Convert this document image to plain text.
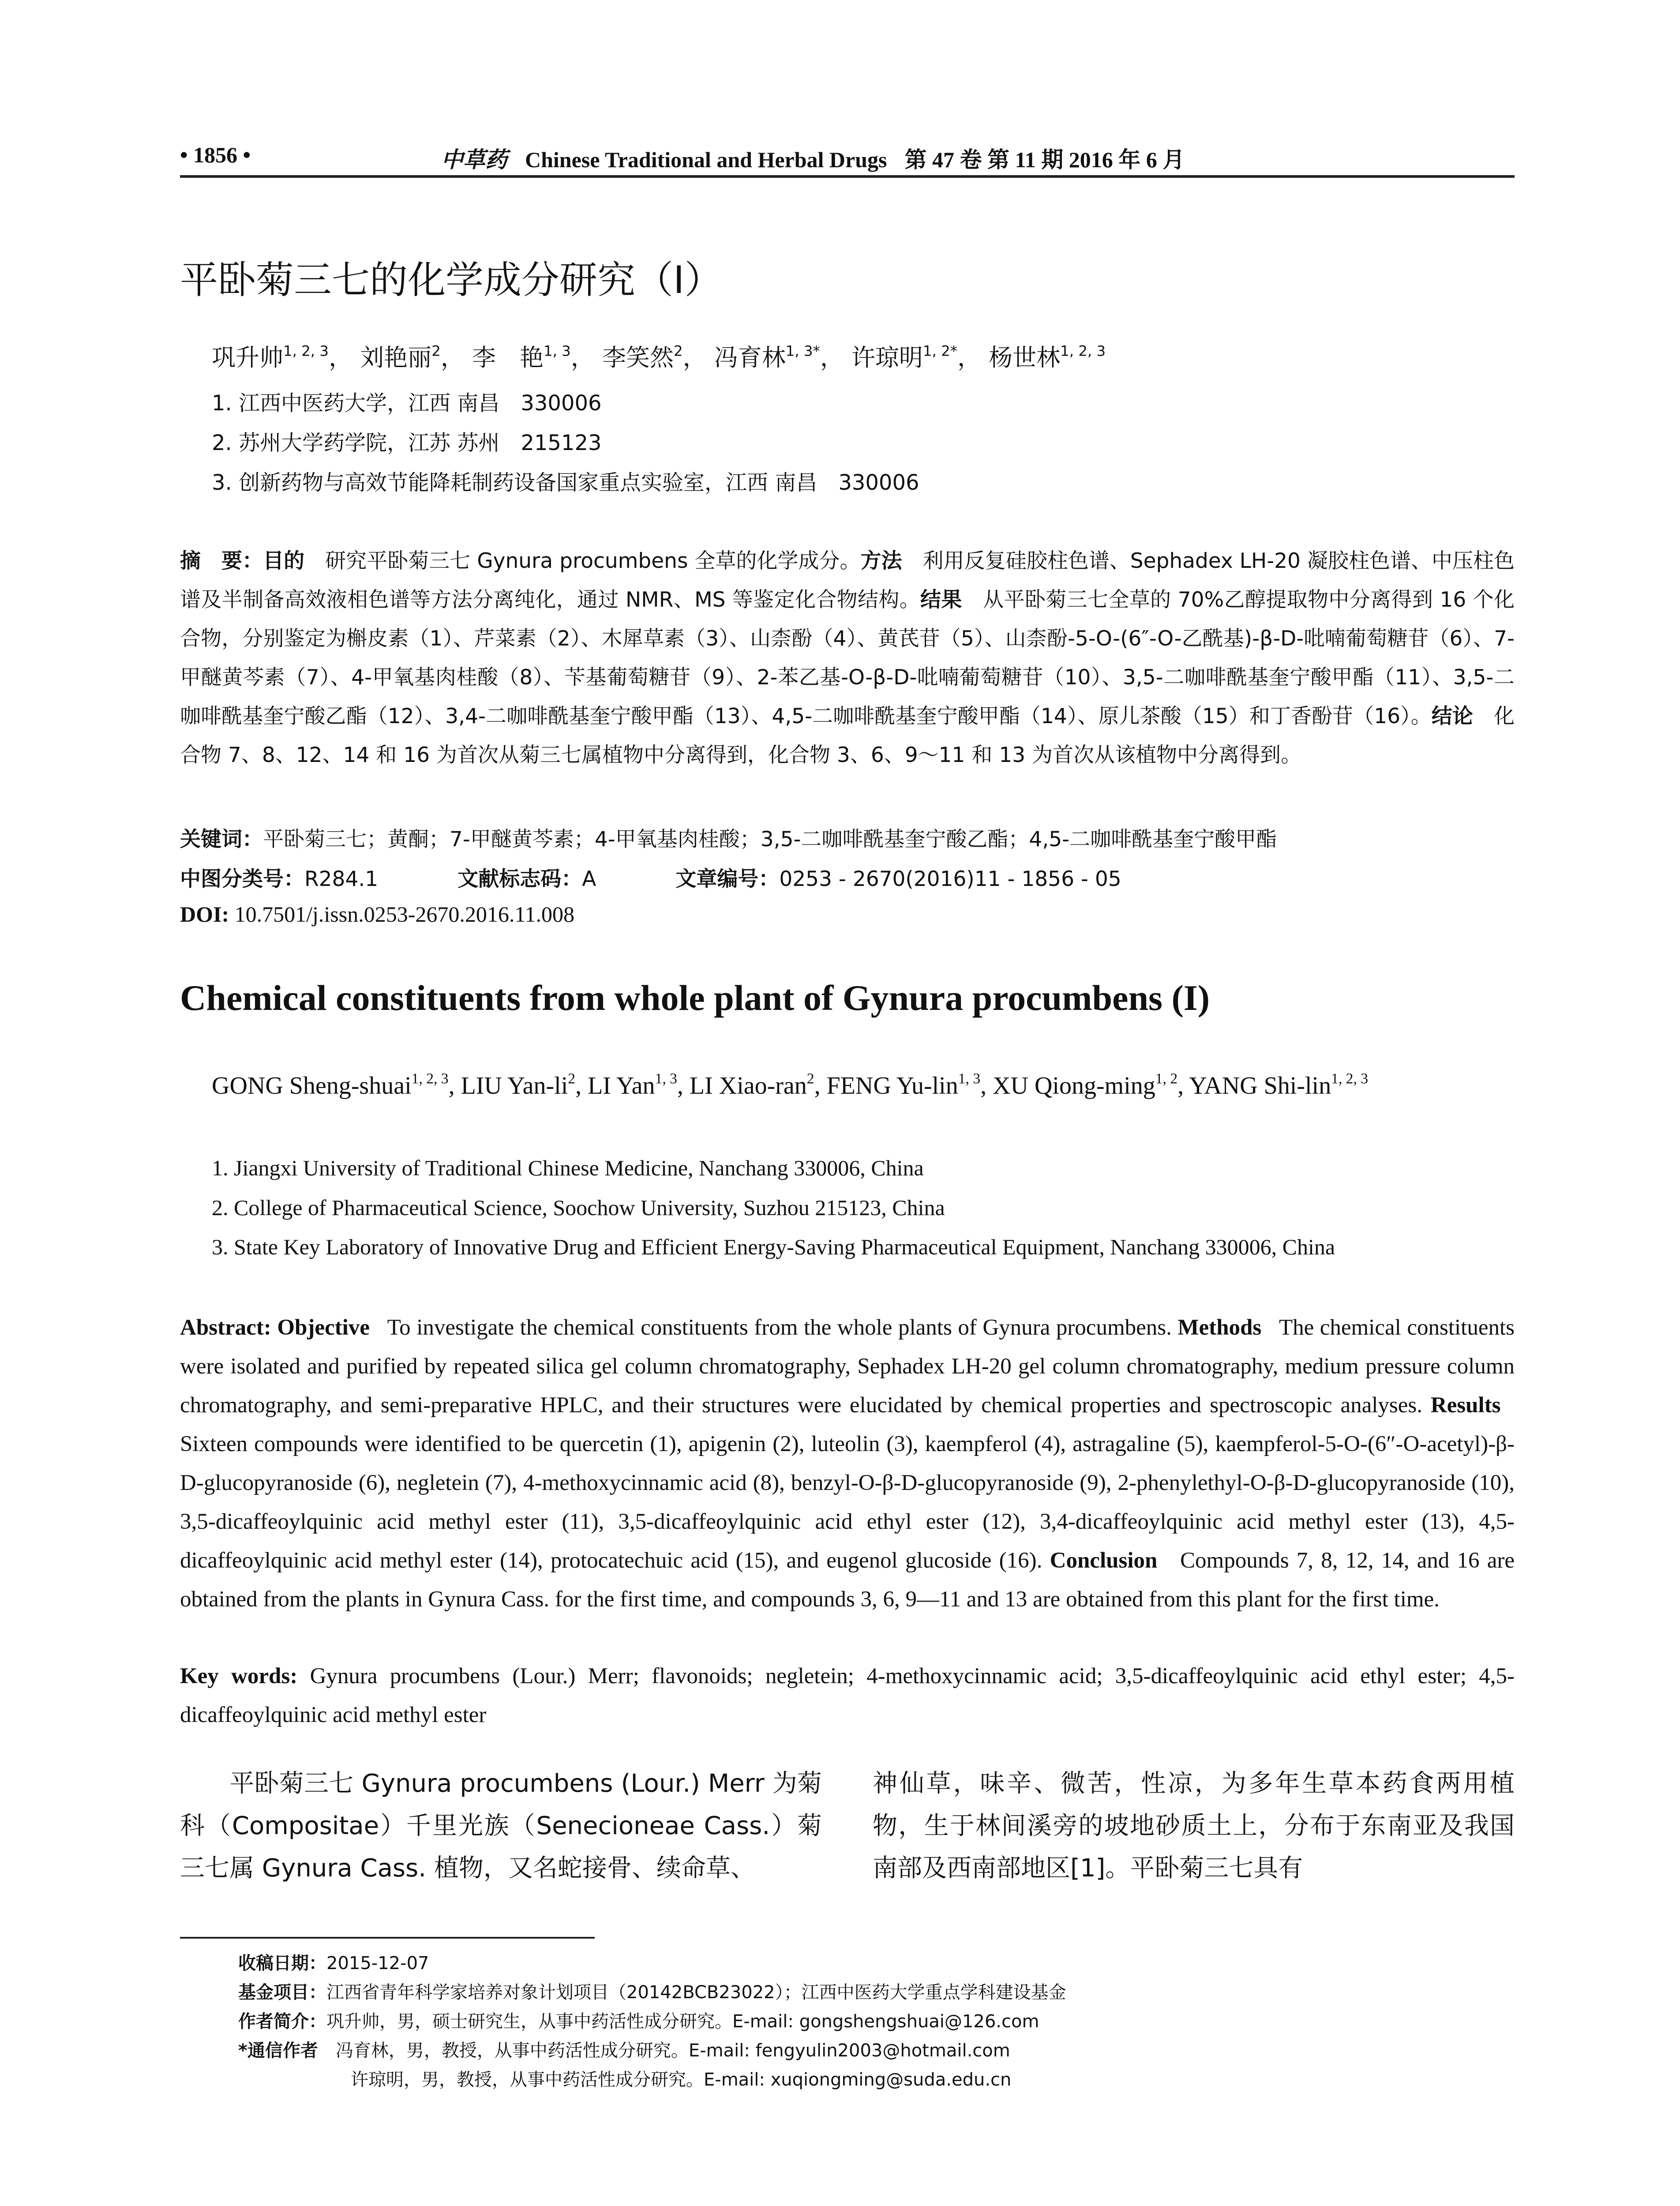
• 1856 •	中草药 Chinese Traditional and Herbal Drugs 第 47 卷 第 11 期 2016 年 6 月
平卧菊三七的化学成分研究（I）
巩升帅$^{1, 2, 3}$， 刘艳丽$^2$， 李　艳$^{1, 3}$， 李笑然$^2$， 冯育林$^{1, 3*}$， 许琼明$^{1, 2*}$， 杨世林$^{1, 2, 3}$
1. 江西中医药大学，江西 南昌　330006
2. 苏州大学药学院，江苏 苏州　215123
3. 创新药物与高效节能降耗制药设备国家重点实验室，江西 南昌　330006
摘　要：目的　 研究平卧菊三七 Gynura procumbens 全草的化学成分。方法　 利用反复硅胶柱色谱、Sephadex LH-20 凝胶柱色谱、中压柱色谱及半制备高效液相色谱等方法分离纯化，通过 NMR、MS 等鉴定化合物结构。结果　 从平卧菊三七全草的 70%乙醇提取物中分离得到 16 个化合物，分别鉴定为槲皮素（1）、芹菜素（2）、木犀草素（3）、山柰酚（4）、黄芪苷（5）、山柰酚-5-O-(6″-O-乙酰基)-β-D-吡喃葡萄糖苷（6）、7-甲醚黄芩素（7）、4-甲氧基肉桂酸（8）、苄基葡萄糖苷（9）、2-苯乙基-O-β-D-吡喃葡萄糖苷（10）、3,5-二咖啡酰基奎宁酸甲酯（11）、3,5-二咖啡酰基奎宁酸乙酯（12）、3,4-二咖啡酰基奎宁酸甲酯（13）、4,5-二咖啡酰基奎宁酸甲酯（14）、原儿茶酸（15）和丁香酚苷（16）。结论　 化合物 7、8、12、14 和 16 为首次从菊三七属植物中分离得到，化合物 3、6、9～11 和 13 为首次从该植物中分离得到。
关键词：平卧菊三七；黄酮；7-甲醚黄芩素；4-甲氧基肉桂酸；3,5-二咖啡酰基奎宁酸乙酯；4,5-二咖啡酰基奎宁酸甲酯
中图分类号：R284.1	文献标志码：A	文章编号：0253 - 2670(2016)11 - 1856 - 05
DOI: 10.7501/j.issn.0253-2670.2016.11.008
Chemical constituents from whole plant of Gynura procumbens (I)
GONG Sheng-shuai$^{1, 2, 3}$, LIU Yan-$li^2$, LI Yan$^{1, 3}$, LI Xiao-ran$^2$, FENG Yu-lin$^{1, 3}$, XU Qiong-ming$^{1, 2}$, YANG Shi-lin$^{1, 2, 3}$
1. Jiangxi University of Traditional Chinese Medicine, Nanchang 330006, China
2. College of Pharmaceutical Science, Soochow University, Suzhou 215123, China
3. State Key Laboratory of Innovative Drug and Efficient Energy-Saving Pharmaceutical Equipment, Nanchang 330006, China
Abstract: Objective To investigate the chemical constituents from the whole plants of Gynura procumbens. Methods The chemical constituents were isolated and purified by repeated silica gel column chromatography, Sephadex LH-20 gel column chromatography, medium pressure column chromatography, and semi-preparative HPLC, and their structures were elucidated by chemical properties and spectroscopic analyses. Results   Sixteen compounds were identified to be quercetin (1), apigenin (2), luteolin (3), kaempferol (4), astragaline (5), kaempferol-5-O-(6″-O-acetyl)-β-D-glucopyranoside (6), negletein (7), 4-methoxycinnamic acid (8), benzyl-O-β-D-glucopyranoside (9), 2-phenylethyl-O-β-D-glucopyranoside (10), 3,5-dicaffeoylquinic acid methyl ester (11), 3,5-dicaffeoylquinic acid ethyl ester (12), 3,4-dicaffeoylquinic acid methyl ester (13), 4,5-dicaffeoylquinic acid methyl ester (14), protocatechuic acid (15), and eugenol glucoside (16). Conclusion Compounds 7, 8, 12, 14, and 16 are obtained from the plants in Gynura Cass. for the first time, and compounds 3, 6, 9—11 and 13 are obtained from this plant for the first time.
Key words: Gynura procumbens (Lour.) Merr; flavonoids; negletein; 4-methoxycinnamic acid; 3,5-dicaffeoylquinic acid ethyl ester; 4,5-dicaffeoylquinic acid methyl ester
平卧菊三七 Gynura procumbens (Lour.) Merr 为菊科（Compositae）千里光族（Senecioneae Cass.）菊三七属 Gynura Cass. 植物，又名蛇接骨、续命草、
神仙草，味辛、微苦，性凉，为多年生草本药食两用植物，生于林间溪旁的坡地砂质土上，分布于东南亚及我国南部及西南部地区[1]。平卧菊三七具有
收稿日期：2015-12-07
基金项目：江西省青年科学家培养对象计划项目（20142BCB23022）；江西中医药大学重点学科建设基金
作者简介：巩升帅，男，硕士研究生，从事中药活性成分研究。E-mail: gongshengshuai@126.com
*通信作者　 冯育林，男，教授，从事中药活性成分研究。E-mail: fengyulin2003@hotmail.com
许琼明，男，教授，从事中药活性成分研究。E-mail: xuqiongming@suda.edu.cn
